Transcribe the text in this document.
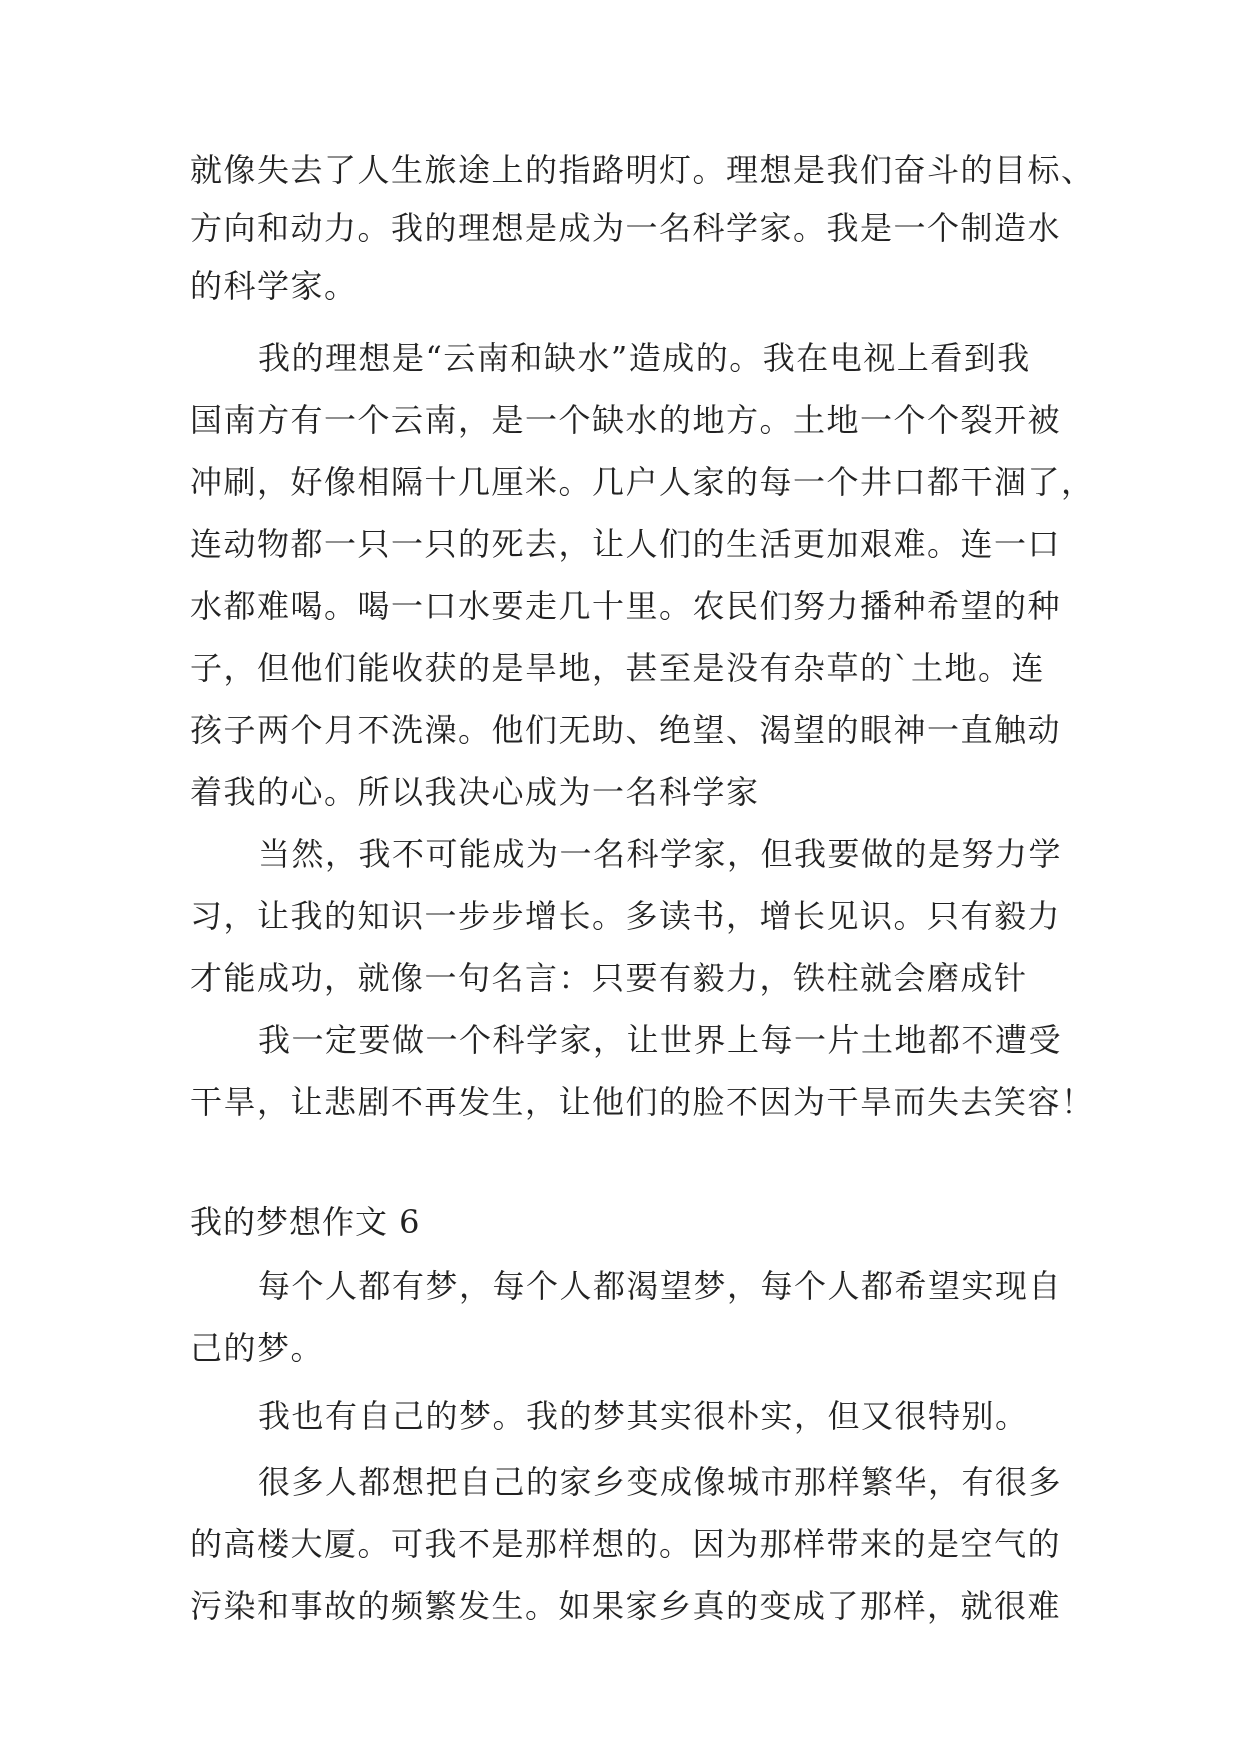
就像失去了人生旅途上的指路明灯。理想是我们奋斗的目标、
方向和动力。我的理想是成为一名科学家。我是一个制造水
的科学家。
我的理想是“云南和缺水”造成的。我在电视上看到我
国南方有一个云南，是一个缺水的地方。土地一个个裂开被
冲刷，好像相隔十几厘米。几户人家的每一个井口都干涸了，
连动物都一只一只的死去，让人们的生活更加艰难。连一口
水都难喝。喝一口水要走几十里。农民们努力播种希望的种
子，但他们能收获的是旱地，甚至是没有杂草的`土地。连
孩子两个月不洗澡。他们无助、绝望、渴望的眼神一直触动
着我的心。所以我决心成为一名科学家
当然，我不可能成为一名科学家，但我要做的是努力学
习，让我的知识一步步增长。多读书，增长见识。只有毅力
才能成功，就像一句名言：只要有毅力，铁柱就会磨成针
我一定要做一个科学家，让世界上每一片土地都不遭受
干旱，让悲剧不再发生，让他们的脸不因为干旱而失去笑容！
我的梦想作文 6
每个人都有梦，每个人都渴望梦，每个人都希望实现自
己的梦。
我也有自己的梦。我的梦其实很朴实，但又很特别。
很多人都想把自己的家乡变成像城市那样繁华，有很多
的高楼大厦。可我不是那样想的。因为那样带来的是空气的
污染和事故的频繁发生。如果家乡真的变成了那样，就很难
